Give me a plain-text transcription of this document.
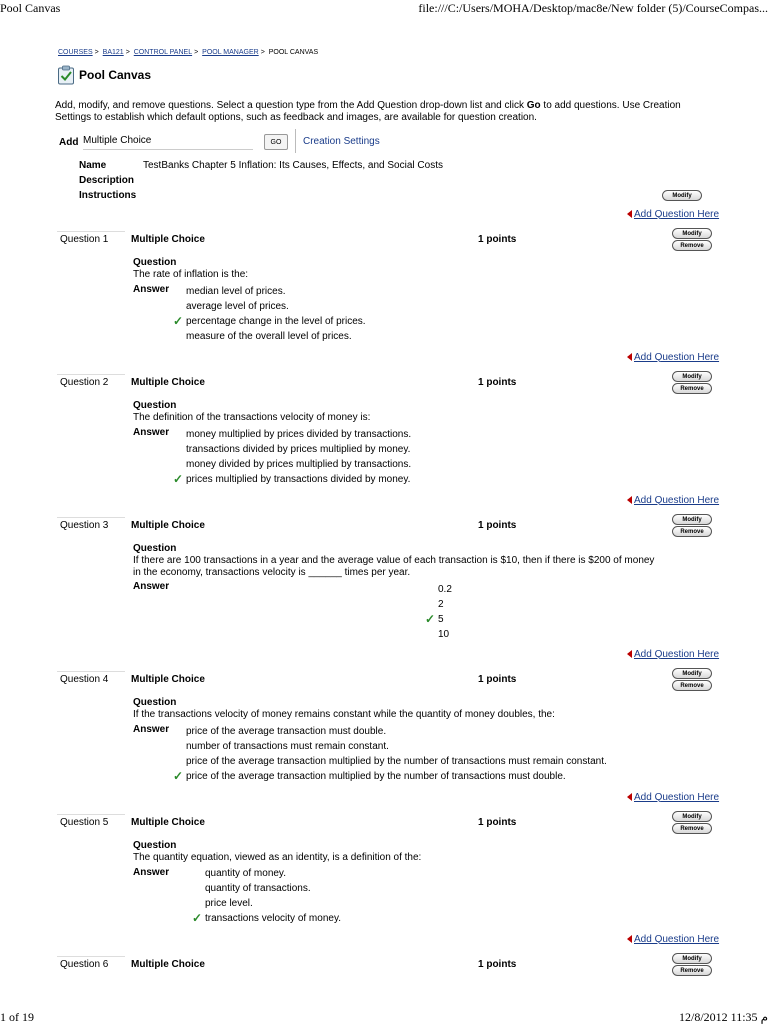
Pool Canvas	file:///C:/Users/MOHA/Desktop/mac8e/New folder (5)/CourseCompas...
1 of 19	12/8/2012 11:35 م
COURSES > BA121 > CONTROL PANEL > POOL MANAGER > POOL CANVAS
Pool Canvas
Add, modify, and remove questions. Select a question type from the Add Question drop-down list and click Go to add questions. Use Creation Settings to establish which default options, such as feedback and images, are available for question creation.
Add Multiple Choice	GO	Creation Settings
Name	TestBanks Chapter 5 Inflation: Its Causes, Effects, and Social Costs
Description
Instructions	Modify
Add Question Here
Add Question Here
Add Question Here
Add Question Here
Add Question Here
Add Question Here
Question 1 Multiple Choice	1 points	Modify
Remove
Question
The rate of inflation is the:
Answer median level of prices.
average level of prices.
✓ percentage change in the level of prices.
measure of the overall level of prices.
Question 2 Multiple Choice	1 points	Modify
Remove
Question
The definition of the transactions velocity of money is:
Answer money multiplied by prices divided by transactions.
transactions divided by prices multiplied by money.
money divided by prices multiplied by transactions.
✓ prices multiplied by transactions divided by money.
Question 3 Multiple Choice	1 points	Modify
Remove
Question
If there are 100 transactions in a year and the average value of each transaction is $10, then if there is $200 of money in the economy, transactions velocity is ______ times per year.
Answer	0.2
2
✓ 5
10
Question 4 Multiple Choice	1 points	Modify
Remove
Question
If the transactions velocity of money remains constant while the quantity of money doubles, the:
Answer price of the average transaction must double.
number of transactions must remain constant.
price of the average transaction multiplied by the number of transactions must remain constant.
✓ price of the average transaction multiplied by the number of transactions must double.
Question 5 Multiple Choice	1 points	Modify
Remove
Question
The quantity equation, viewed as an identity, is a definition of the:
Answer	quantity of money.
quantity of transactions.
price level.
✓ transactions velocity of money.
Question 6 Multiple Choice	1 points	Modify
Remove
